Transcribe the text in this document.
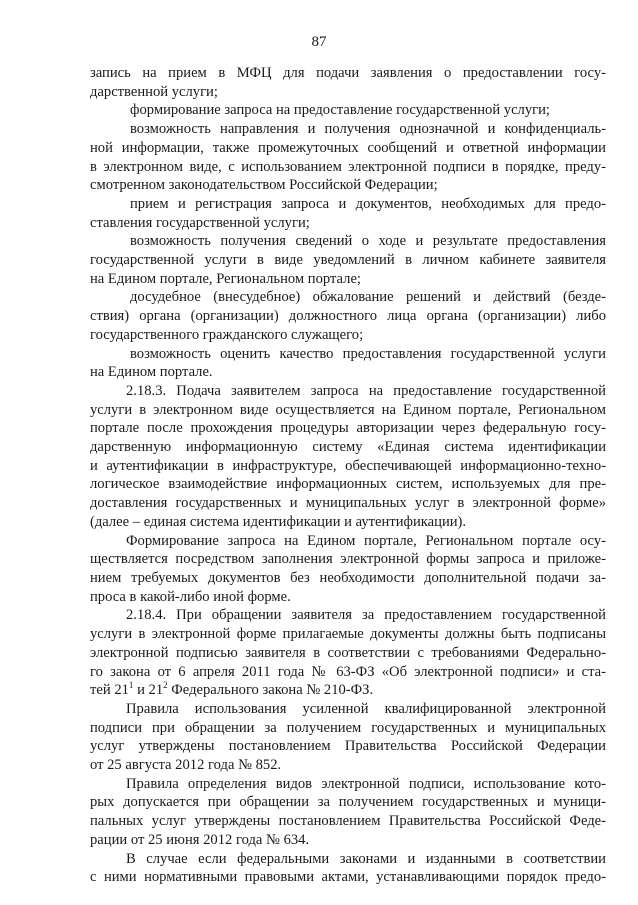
87
запись на прием в МФЦ для подачи заявления о предоставлении госу-
дарственной услуги;
формирование запроса на предоставление государственной услуги;
возможность направления и получения однозначной и конфиденциаль-
ной информации, также промежуточных сообщений и ответной информации
в электронном виде, с использованием электронной подписи в порядке, преду-
смотренном законодательством Российской Федерации;
прием и регистрация запроса и документов, необходимых для предо-
ставления государственной услуги;
возможность получения сведений о ходе и результате предоставления
государственной услуги в виде уведомлений в личном кабинете заявителя
на Едином портале, Региональном портале;
досудебное (внесудебное) обжалование решений и действий (безде-
ствия) органа (организации) должностного лица органа (организации) либо
государственного гражданского служащего;
возможность оценить качество предоставления государственной услуги
на Едином портале.
2.18.3. Подача заявителем запроса на предоставление государственной
услуги в электронном виде осуществляется на Едином портале, Региональном
портале после прохождения процедуры авторизации через федеральную госу-
дарственную информационную систему «Единая система идентификации
и аутентификации в инфраструктуре, обеспечивающей информационно-техно-
логическое взаимодействие информационных систем, используемых для пре-
доставления государственных и муниципальных услуг в электронной форме»
(далее – единая система идентификации и аутентификации).
Формирование запроса на Едином портале, Региональном портале осу-
ществляется посредством заполнения электронной формы запроса и приложе-
нием требуемых документов без необходимости дополнительной подачи за-
проса в какой-либо иной форме.
2.18.4. При обращении заявителя за предоставлением государственной
услуги в электронной форме прилагаемые документы должны быть подписаны
электронной подписью заявителя в соответствии с требованиями Федерально-
го закона от 6 апреля 2011 года № 63-ФЗ «Об электронной подписи» и ста-
тей $21^1$ и $21^2$ Федерального закона № 210-ФЗ.
Правила использования усиленной квалифицированной электронной
подписи при обращении за получением государственных и муниципальных
услуг утверждены постановлением Правительства Российской Федерации
от 25 августа 2012 года № 852.
Правила определения видов электронной подписи, использование кото-
рых допускается при обращении за получением государственных и муници-
пальных услуг утверждены постановлением Правительства Российской Феде-
рации от 25 июня 2012 года № 634.
В случае если федеральными законами и изданными в соответствии
с ними нормативными правовыми актами, устанавливающими порядок предо-
